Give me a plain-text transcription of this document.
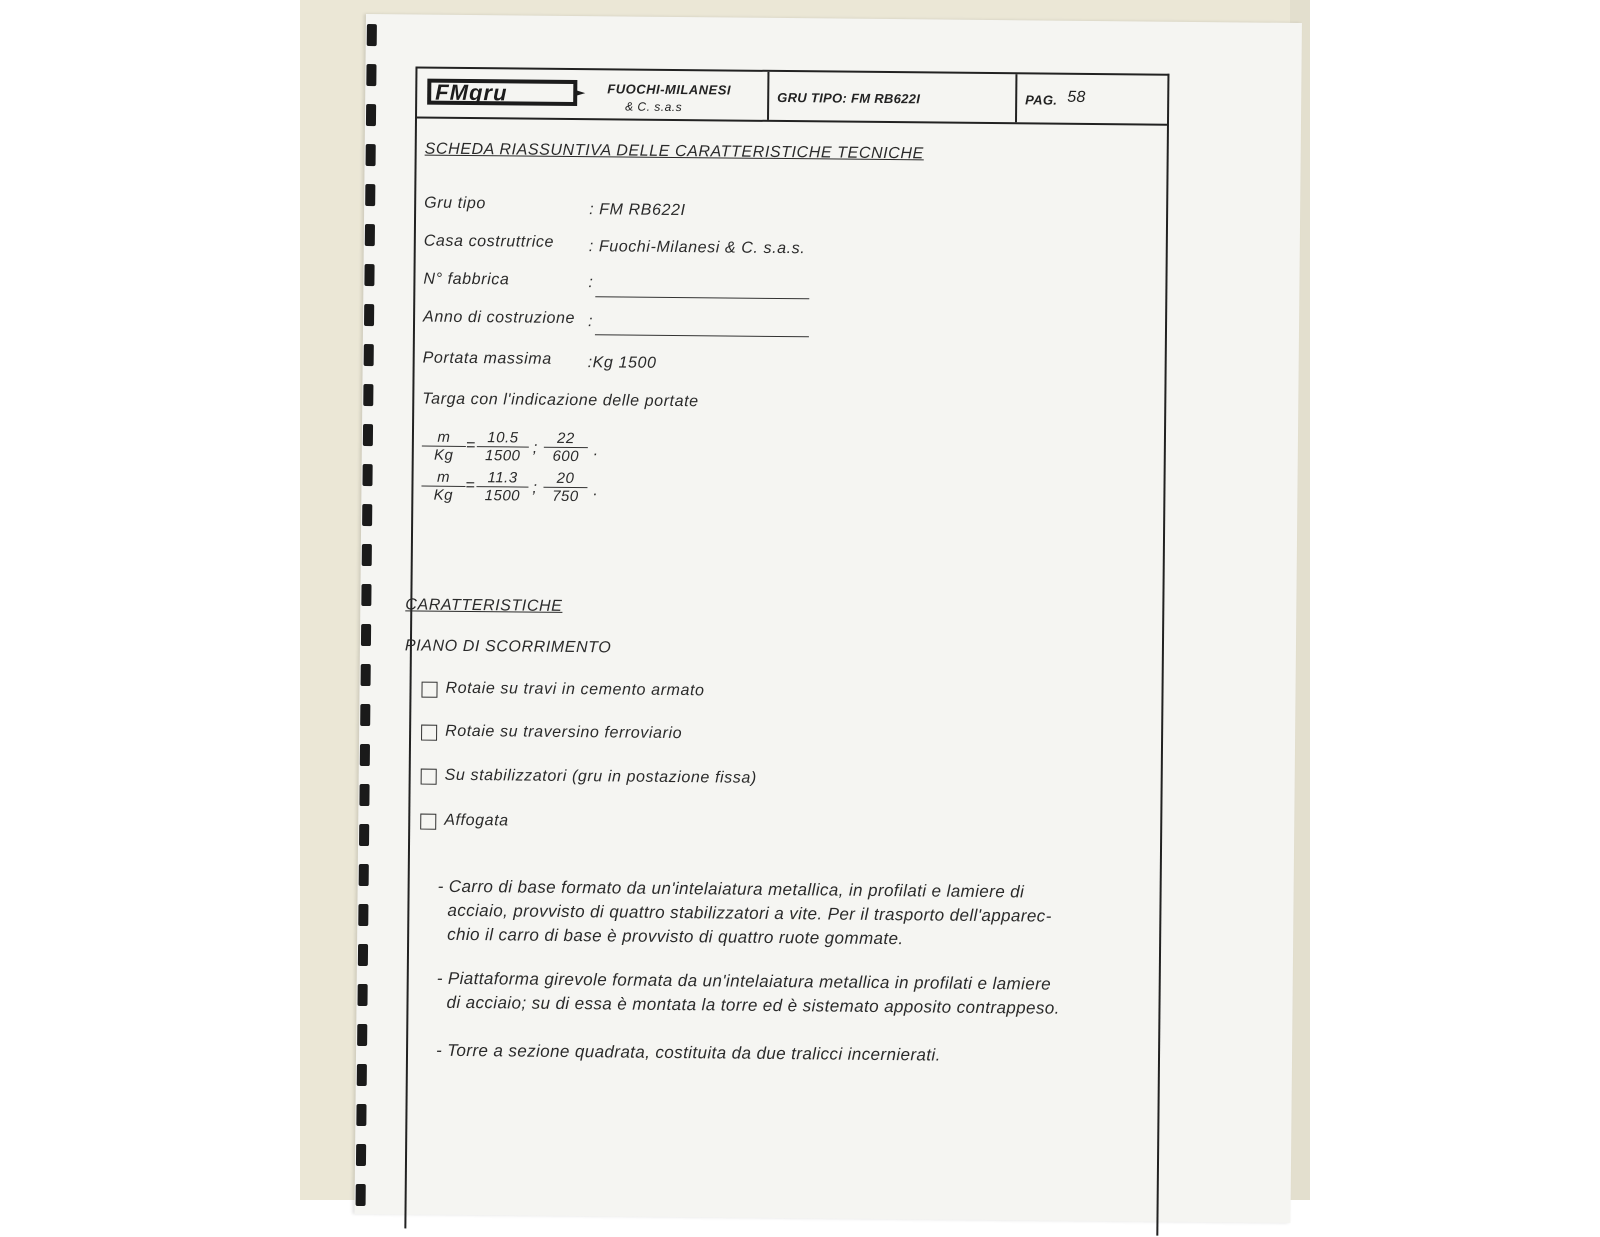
FMgru	FUOCHI-MILANESI
& C. s.a.s
GRU TIPO: FM RB622I	PAG. 58
SCHEDA RIASSUNTIVA DELLE CARATTERISTICHE TECNICHE
Gru tipo	: FM RB622I
Casa costruttrice : Fuochi-Milanesi & C. s.a.s.
N° fabbrica	:
Anno di costruzione :
Portata massima :Kg 1500
Targa con l'indicazione delle portate
$\frac{m}{Kg} = \frac{10.5}{1500}$ ; $\frac{22}{600}$ .
$\frac{m}{Kg} = \frac{11.3}{1500}$ ; $\frac{20}{750}$ .
CARATTERISTICHE
PIANO DI SCORRIMENTO
Rotaie su travi in cemento armato
Rotaie su traversino ferroviario
Su stabilizzatori (gru in postazione fissa)
Affogata
- Carro di base formato da un'intelaiatura metallica, in profilati e lamiere di
acciaio, provvisto di quattro stabilizzatori a vite. Per il trasporto dell'apparec-
chio il carro di base è provvisto di quattro ruote gommate.
- Piattaforma girevole formata da un'intelaiatura metallica in profilati e lamiere
di acciaio; su di essa è montata la torre ed è sistemato apposito contrappeso.
- Torre a sezione quadrata, costituita da due tralicci incernierati.
